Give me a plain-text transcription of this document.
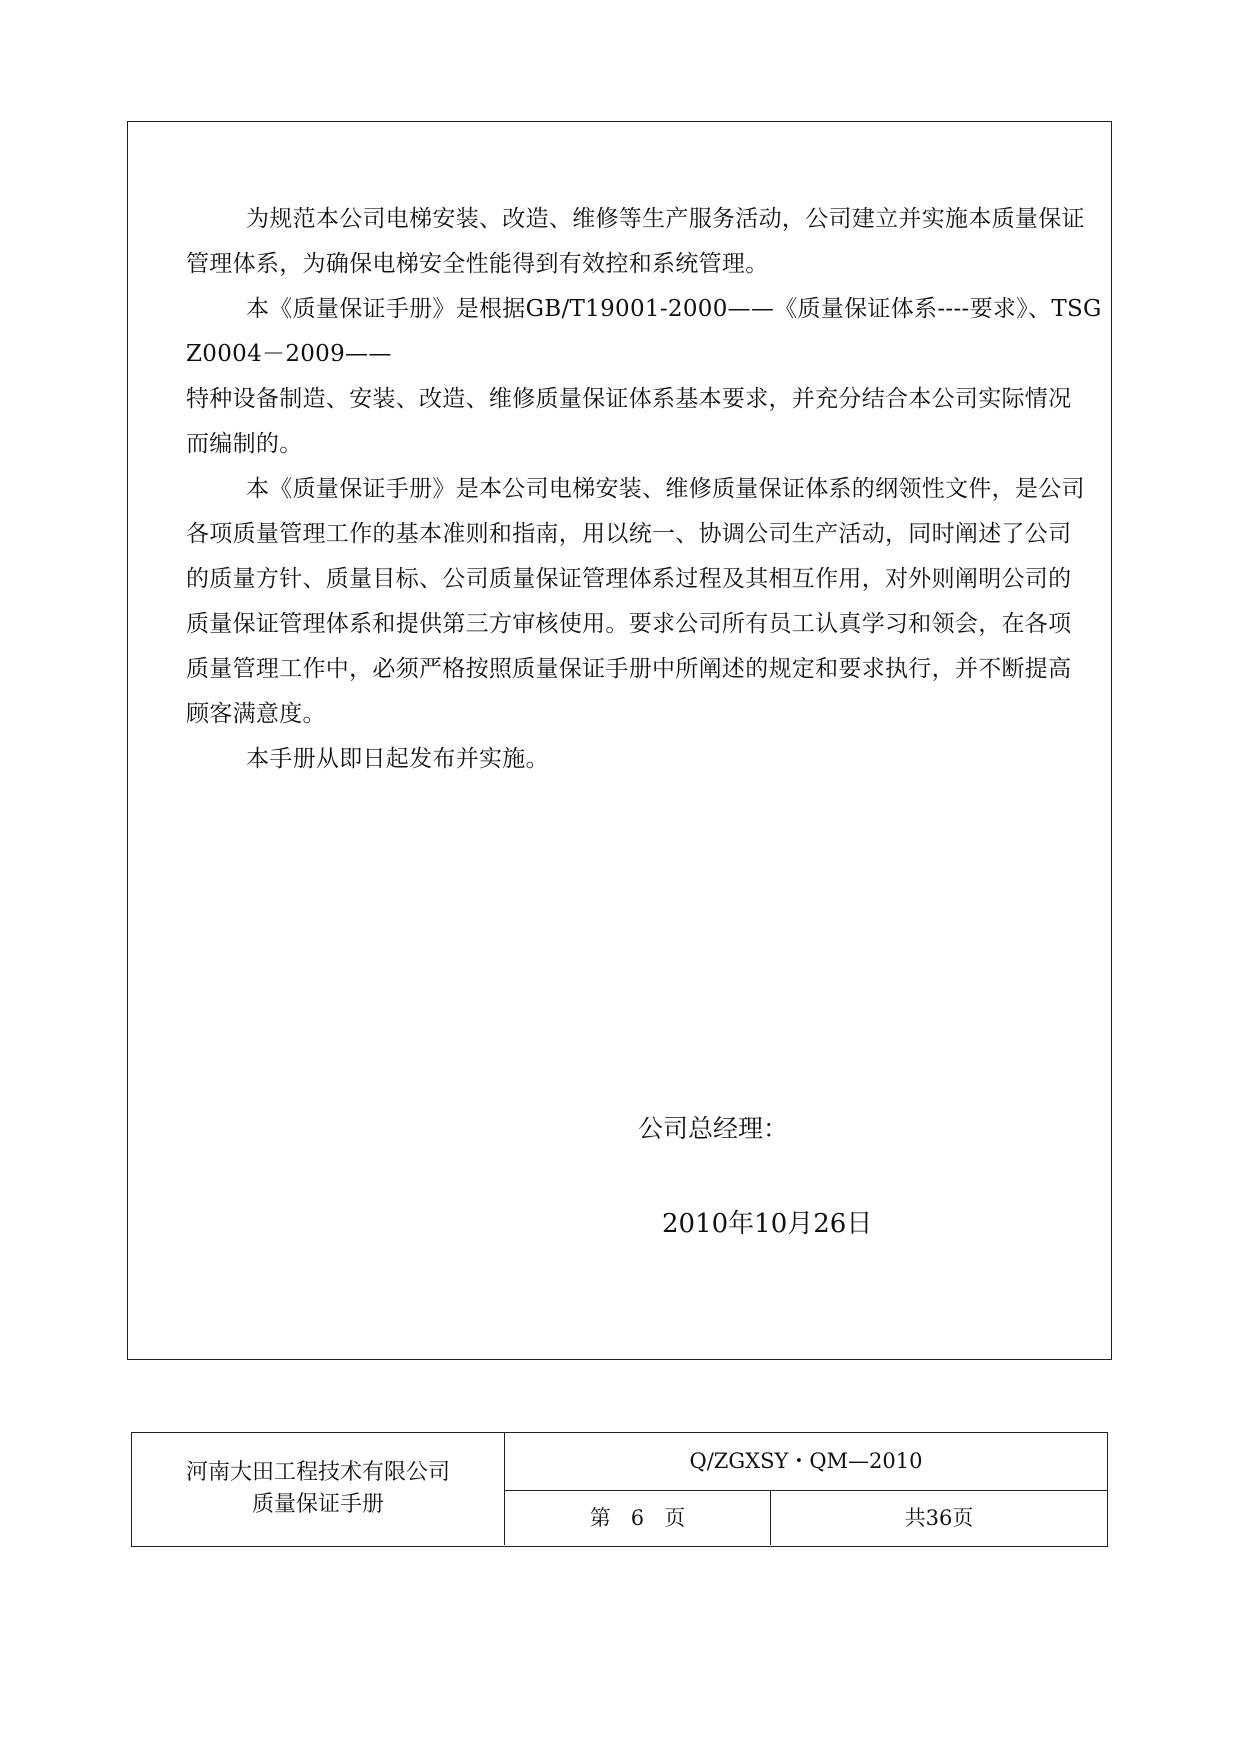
为规范本公司电梯安装、改造、维修等生产服务活动，公司建立并实施本质量保证
管理体系，为确保电梯安全性能得到有效控和系统管理。
本《质量保证手册》是根据GB/T19001-2000——《质量保证体系----要求》、TSG
Z0004－2009——
特种设备制造、安装、改造、维修质量保证体系基本要求，并充分结合本公司实际情况
而编制的。
本《质量保证手册》是本公司电梯安装、维修质量保证体系的纲领性文件，是公司
各项质量管理工作的基本准则和指南，用以统一、协调公司生产活动，同时阐述了公司
的质量方针、质量目标、公司质量保证管理体系过程及其相互作用，对外则阐明公司的
质量保证管理体系和提供第三方审核使用。要求公司所有员工认真学习和领会，在各项
质量管理工作中，必须严格按照质量保证手册中所阐述的规定和要求执行，并不断提高
顾客满意度。
本手册从即日起发布并实施。
公司总经理：
2010年10月26日
河南大田工程技术有限公司
质量保证手册
Q/ZGXSY・QM—2010
第   6   页	共36页
